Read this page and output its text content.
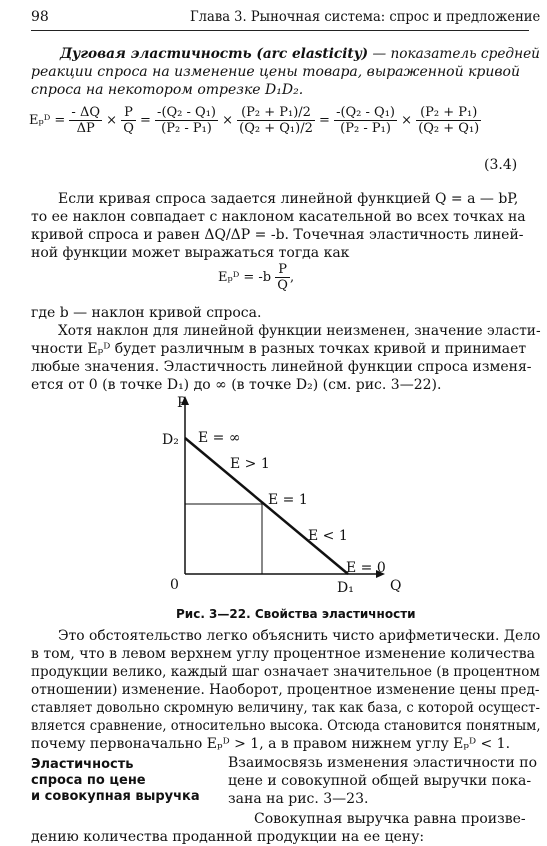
98	Глава 3. Рыночная система: спрос и предложение
Дуговая эластичность (arc elasticity) — показатель средней
реакции спроса на изменение цены товара, выраженной кривой
спроса на некотором отрезке D₁D₂.
Eₚᴰ = $\frac{- \Delta Q}{\Delta P} \times \frac{P}{Q} = \frac{\text{-(Q₂ - Q₁)}}{\text{(P₂ - P₁)}} \times \frac{\text{(P₂ + P₁)/2}}{\text{(Q₂ + Q₁)/2}} = \frac{\text{-(Q₂ - Q₁)}}{\text{(P₂ - P₁)}} \times \frac{\text{(P₂ + P₁)}}{\text{(Q₂ + Q₁)}}$
(3.4)
Если кривая спроса задается линейной функцией Q = a — bP,
то ее наклон совпадает с наклоном касательной во всех точках на
кривой спроса и равен ΔQ/ΔP = -b. Точечная эластичность линей-
ной функции может выражаться тогда как
Eₚᴰ = $-b \frac{P}{Q}$ ,
где b — наклон кривой спроса.
Хотя наклон для линейной функции неизменен, значение эласти-
чности Eₚᴰ будет различным в разных точках кривой и принимает
любые значения. Эластичность линейной функции спроса изменя-
ется от 0 (в точке D₁) до ∞ (в точке D₂) (см. рис. 3—22).
P
Q
0
D₂
D₁
E = ∞
E > 1
E = 1
E < 1
E = 0
Рис. 3—22. Свойства эластичности
Это обстоятельство легко объяснить чисто арифметически. Дело
в том, что в левом верхнем углу процентное изменение количества
продукции велико, каждый шаг означает значительное (в процентном
отношении) изменение. Наоборот, процентное изменение цены пред-
ставляет довольно скромную величину, так как база, с которой осущест-
вляется сравнение, относительно высока. Отсюда становится понятным,
почему первоначально Eₚᴰ > 1, а в правом нижнем углу Eₚᴰ < 1.
Эластичность
спроса по цене
и совокупная выручка
Взаимосвязь изменения эластичности по
цене и совокупной общей выручки пока-
зана на рис. 3—23.
Совокупная выручка равна произве-
дению количества проданной продукции на ее цену:
